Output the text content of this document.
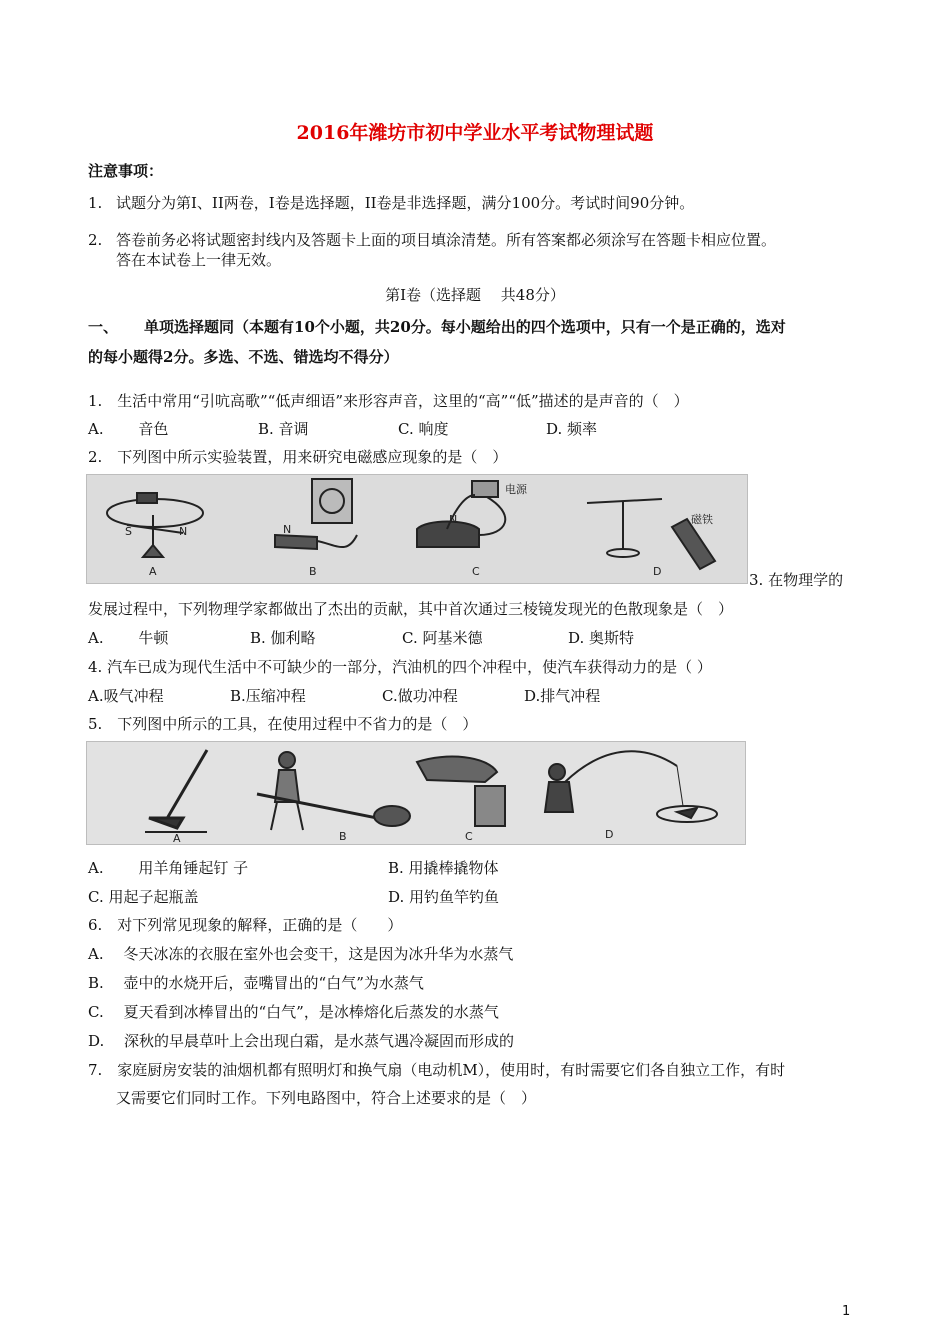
2016年潍坊市初中学业水平考试物理试题
注意事项：
1. 试题分为第I、II两卷，I卷是选择题，II卷是非选择题，满分100分。考试时间90分钟。
2. 答卷前务必将试题密封线内及答题卡上面的项目填涂清楚。所有答案都必须涂写在答题卡相应位置。
答在本试卷上一律无效。
第I卷（选择题　 共48分）
一、 单项选择题同（本题有10个小题，共20分。每小题给出的四个选项中，只有一个是正确的，选对
的每小题得2分。多选、不选、错选均不得分）
1.　生活中常用“引吭高歌”“低声细语”来形容声音，这里的“高”“低”描述的是声音的（　）
A.　　 音色	B. 音调	C. 响度	D. 频率
2.　下列图中所示实验装置，用来研究电磁感应现象的是（　）
S	N
A
N
B
电源
N
C
磁铁
D	3. 在物理学的
发展过程中，下列物理学家都做出了杰出的贡献，其中首次通过三棱镜发现光的色散现象是（　）
A.　　 牛顿	B. 伽利略	C. 阿基米德	D. 奥斯特
4. 汽车已成为现代生活中不可缺少的一部分，汽油机的四个冲程中，使汽车获得动力的是（ ）
A.吸气冲程	B.压缩冲程	C.做功冲程	D.排气冲程
5.　下列图中所示的工具，在使用过程中不省力的是（　）
A	C	D
B
A.　　 用羊角锤起钉 子	B. 用撬棒撬物体
C. 用起子起瓶盖	D. 用钓鱼竿钓鱼
6.　对下列常见现象的解释，正确的是（　　）
A.　 冬天冰冻的衣服在室外也会变干，这是因为冰升华为水蒸气
B.　 壶中的水烧开后，壶嘴冒出的“白气”为水蒸气
C.　 夏天看到冰棒冒出的“白气”，是冰棒熔化后蒸发的水蒸气
D.　 深秋的早晨草叶上会出现白霜，是水蒸气遇冷凝固而形成的
7.　家庭厨房安装的油烟机都有照明灯和换气扇（电动机M），使用时，有时需要它们各自独立工作，有时
又需要它们同时工作。下列电路图中，符合上述要求的是（　）
1
